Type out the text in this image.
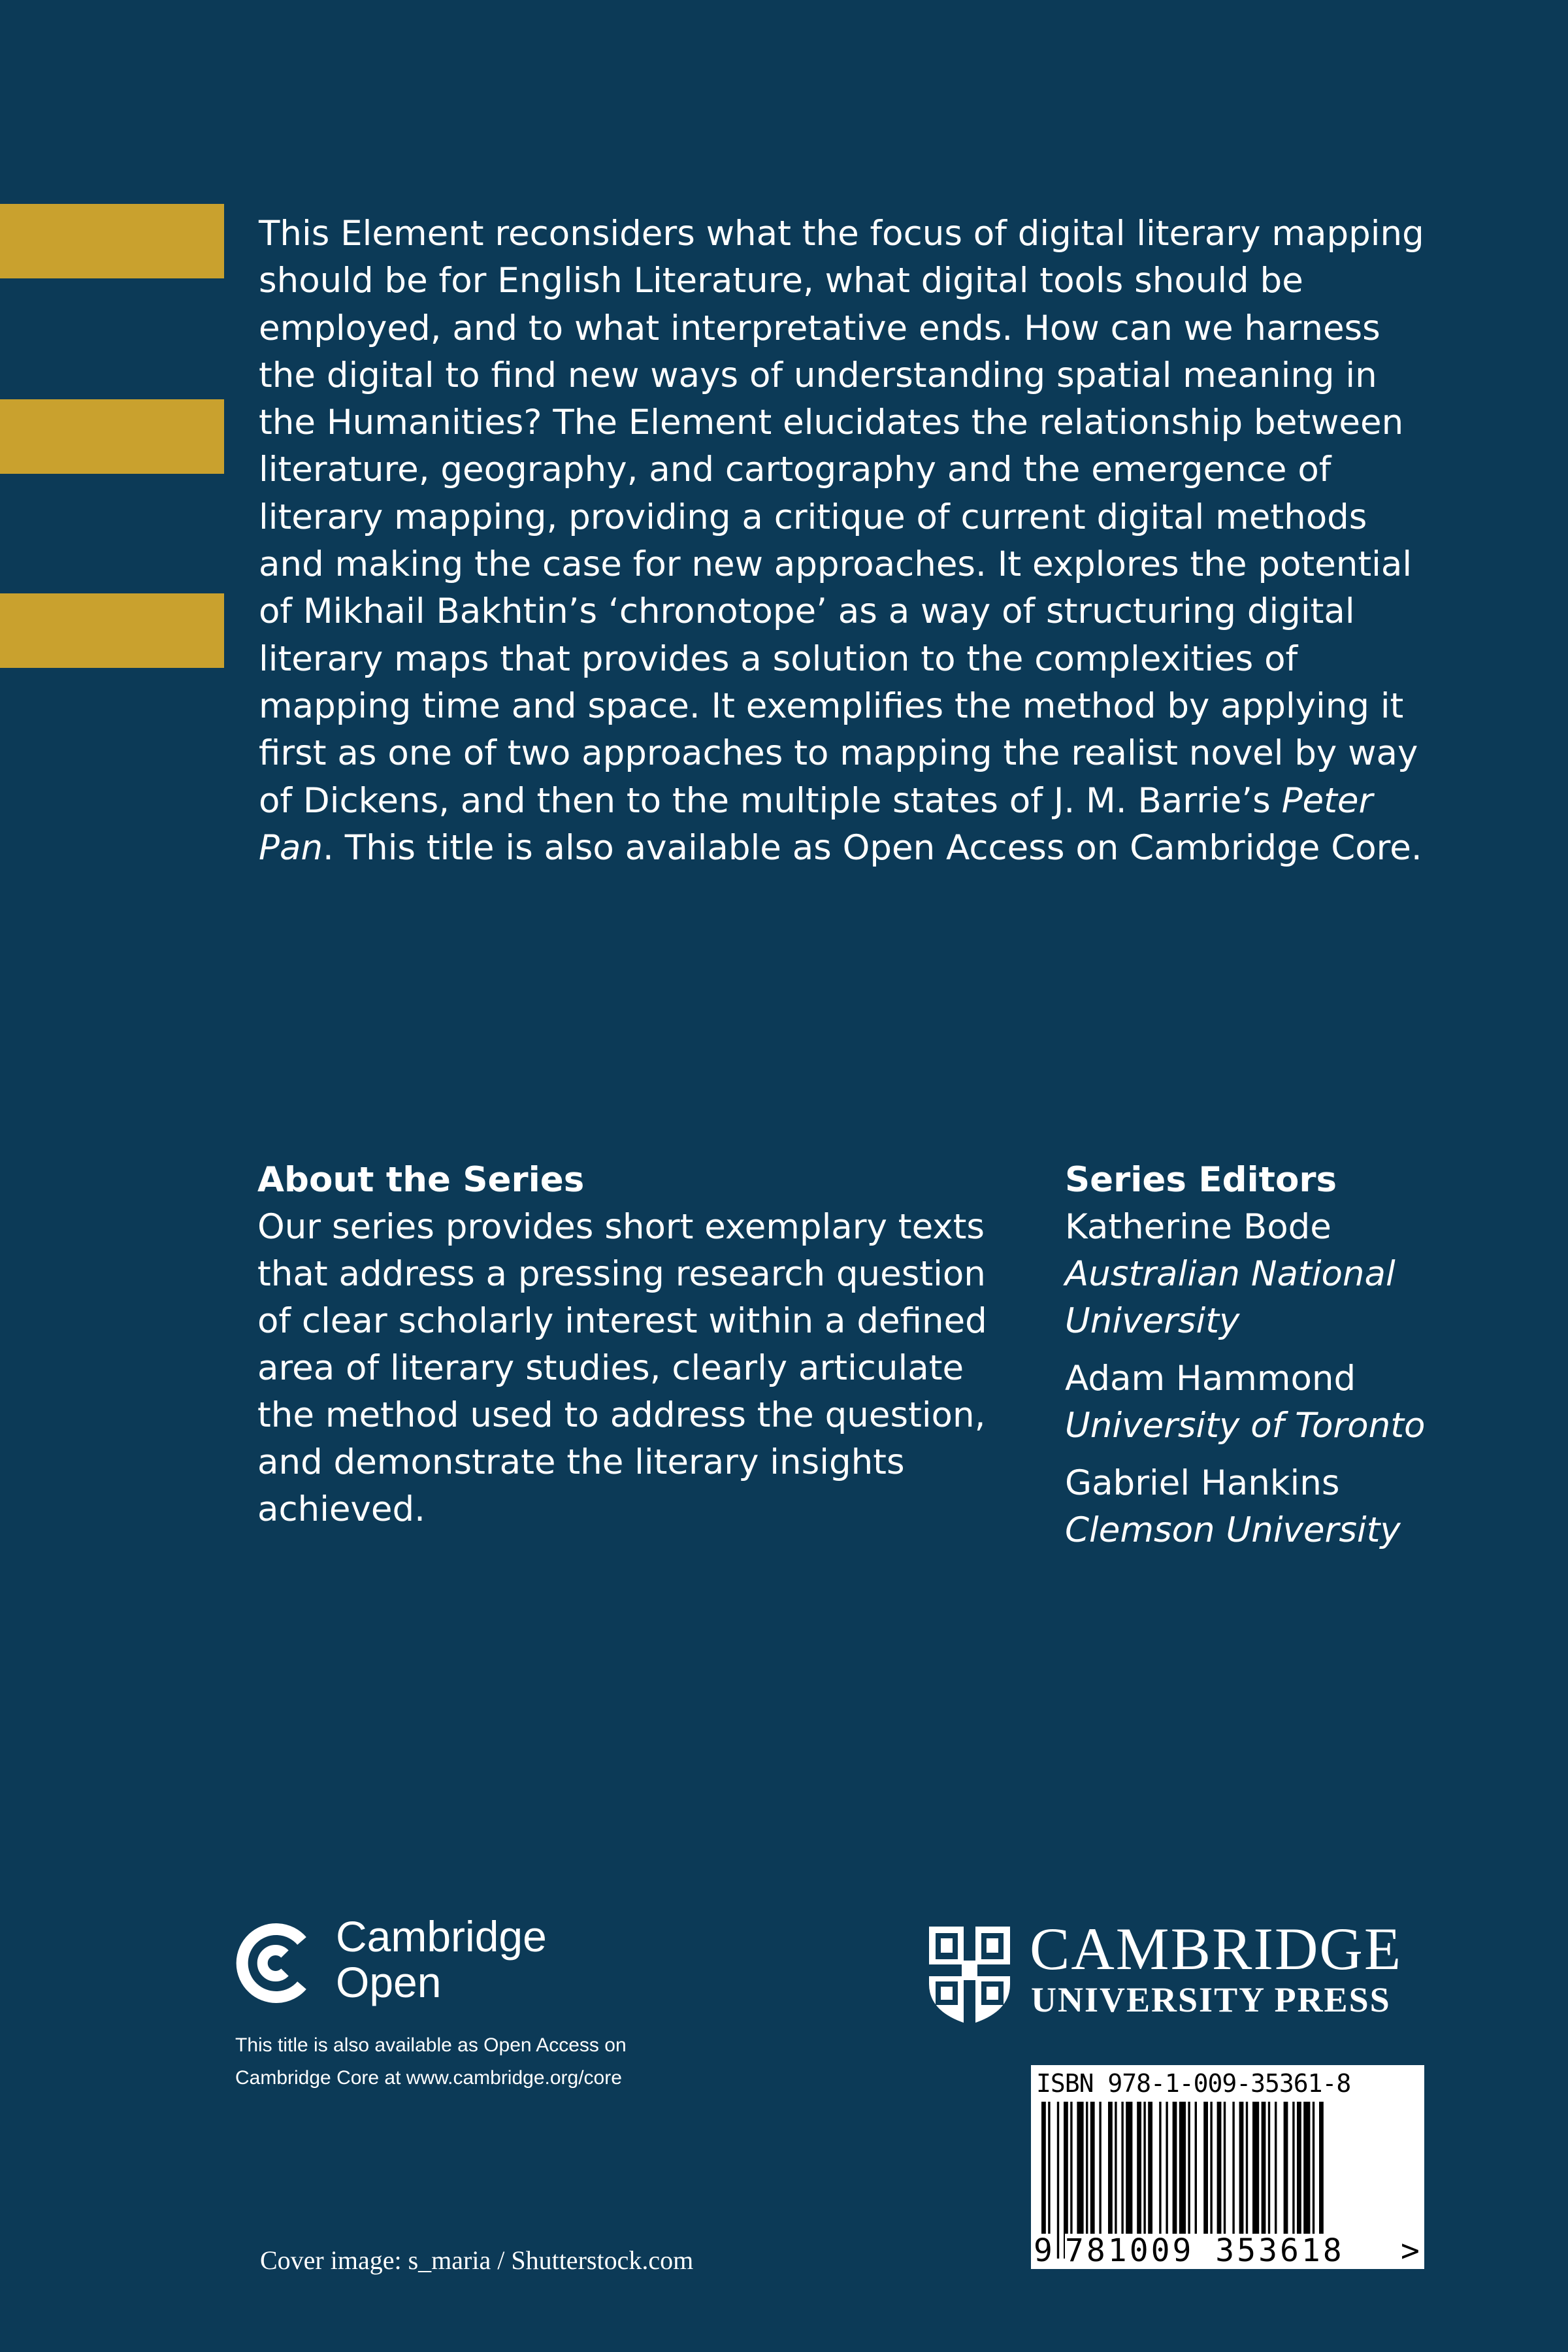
This Element reconsiders what the focus of digital literary mapping should be for English Literature, what digital tools should be employed, and to what interpretative ends. How can we harness the digital to find new ways of understanding spatial meaning in the Humanities? The Element elucidates the relationship between literature, geography, and cartography and the emergence of literary mapping, providing a critique of current digital methods and making the case for new approaches. It explores the potential of Mikhail Bakhtin’s ‘chronotope’ as a way of structuring digital literary maps that provides a solution to the complexities of mapping time and space. It exemplifies the method by applying it first as one of two approaches to mapping the realist novel by way of Dickens, and then to the multiple states of J. M. Barrie’s Peter Pan. This title is also available as Open Access on Cambridge Core.

About the Series
Our series provides short exemplary texts that address a pressing research question of clear scholarly interest within a defined area of literary studies, clearly articulate the method used to address the question, and demonstrate the literary insights achieved.
Series Editors
Katherine Bode
Australian National University
Adam Hammond
University of Toronto
Gabriel Hankins
Clemson University
Cambridge
Open
This title is also available as Open Access on
Cambridge Core at www.cambridge.org/core
CAMBRIDGE
UNIVERSITY PRESS
ISBN 978-1-009-35361-8
9 781009 353618	>
Cover image: s_maria / Shutterstock.com
